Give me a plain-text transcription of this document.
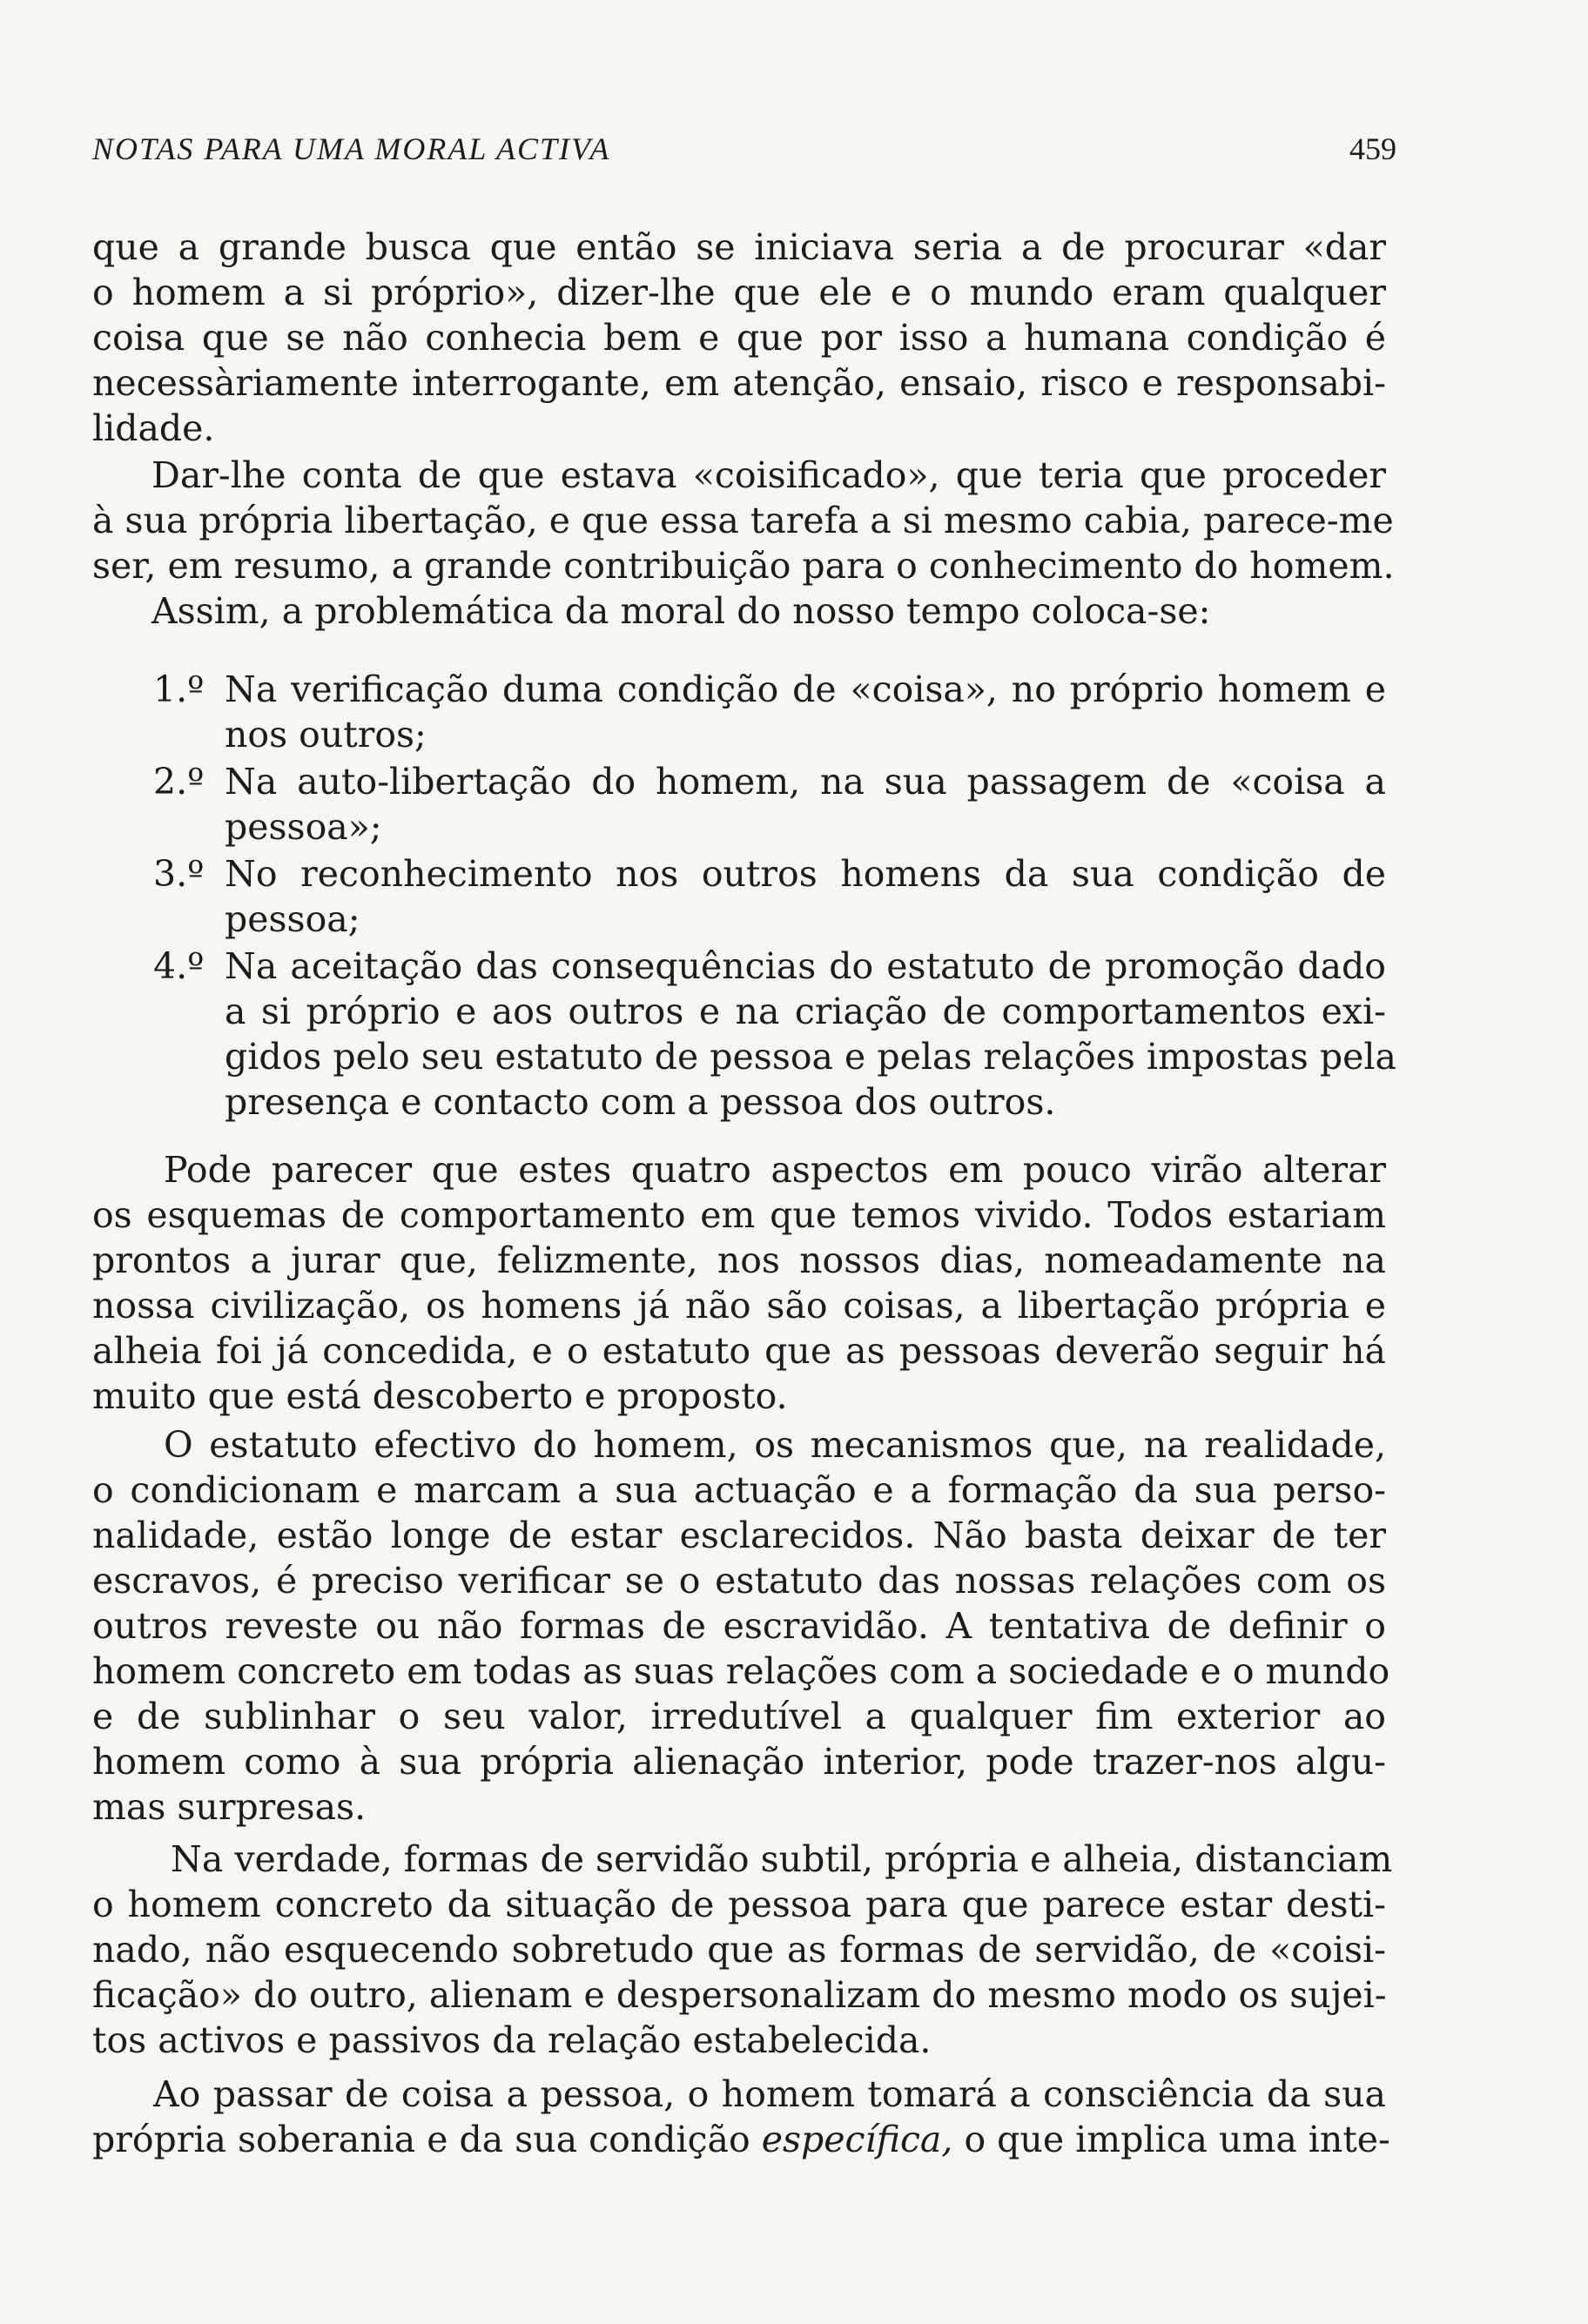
NOTAS PARA UMA MORAL ACTIVA	459
que a grande busca que então se iniciava seria a de procurar «dar
o homem a si próprio», dizer-lhe que ele e o mundo eram qualquer
coisa que se não conhecia bem e que por isso a humana condição é
necessàriamente interrogante, em atenção, ensaio, risco e responsabi-
lidade.
Dar-lhe conta de que estava «coisificado», que teria que proceder
à sua própria libertação, e que essa tarefa a si mesmo cabia, parece-me
ser, em resumo, a grande contribuição para o conhecimento do homem.
Assim, a problemática da moral do nosso tempo coloca-se:
1.º Na verificação duma condição de «coisa», no próprio homem e
nos outros;
2.º Na auto-libertação do homem, na sua passagem de «coisa a
pessoa»;
3.º No reconhecimento nos outros homens da sua condição de
pessoa;
4.º Na aceitação das consequências do estatuto de promoção dado
a si próprio e aos outros e na criação de comportamentos exi-
gidos pelo seu estatuto de pessoa e pelas relações impostas pela
presença e contacto com a pessoa dos outros.
Pode parecer que estes quatro aspectos em pouco virão alterar
os esquemas de comportamento em que temos vivido. Todos estariam
prontos a jurar que, felizmente, nos nossos dias, nomeadamente na
nossa civilização, os homens já não são coisas, a libertação própria e
alheia foi já concedida, e o estatuto que as pessoas deverão seguir há
muito que está descoberto e proposto.
O estatuto efectivo do homem, os mecanismos que, na realidade,
o condicionam e marcam a sua actuação e a formação da sua perso-
nalidade, estão longe de estar esclarecidos. Não basta deixar de ter
escravos, é preciso verificar se o estatuto das nossas relações com os
outros reveste ou não formas de escravidão. A tentativa de definir o
homem concreto em todas as suas relações com a sociedade e o mundo
e de sublinhar o seu valor, irredutível a qualquer fim exterior ao
homem como à sua própria alienação interior, pode trazer-nos algu-
mas surpresas.
Na verdade, formas de servidão subtil, própria e alheia, distanciam
o homem concreto da situação de pessoa para que parece estar desti-
nado, não esquecendo sobretudo que as formas de servidão, de «coisi-
ficação» do outro, alienam e despersonalizam do mesmo modo os sujei-
tos activos e passivos da relação estabelecida.
Ao passar de coisa a pessoa, o homem tomará a consciência da sua
própria soberania e da sua condição específica, o que implica uma inte-
